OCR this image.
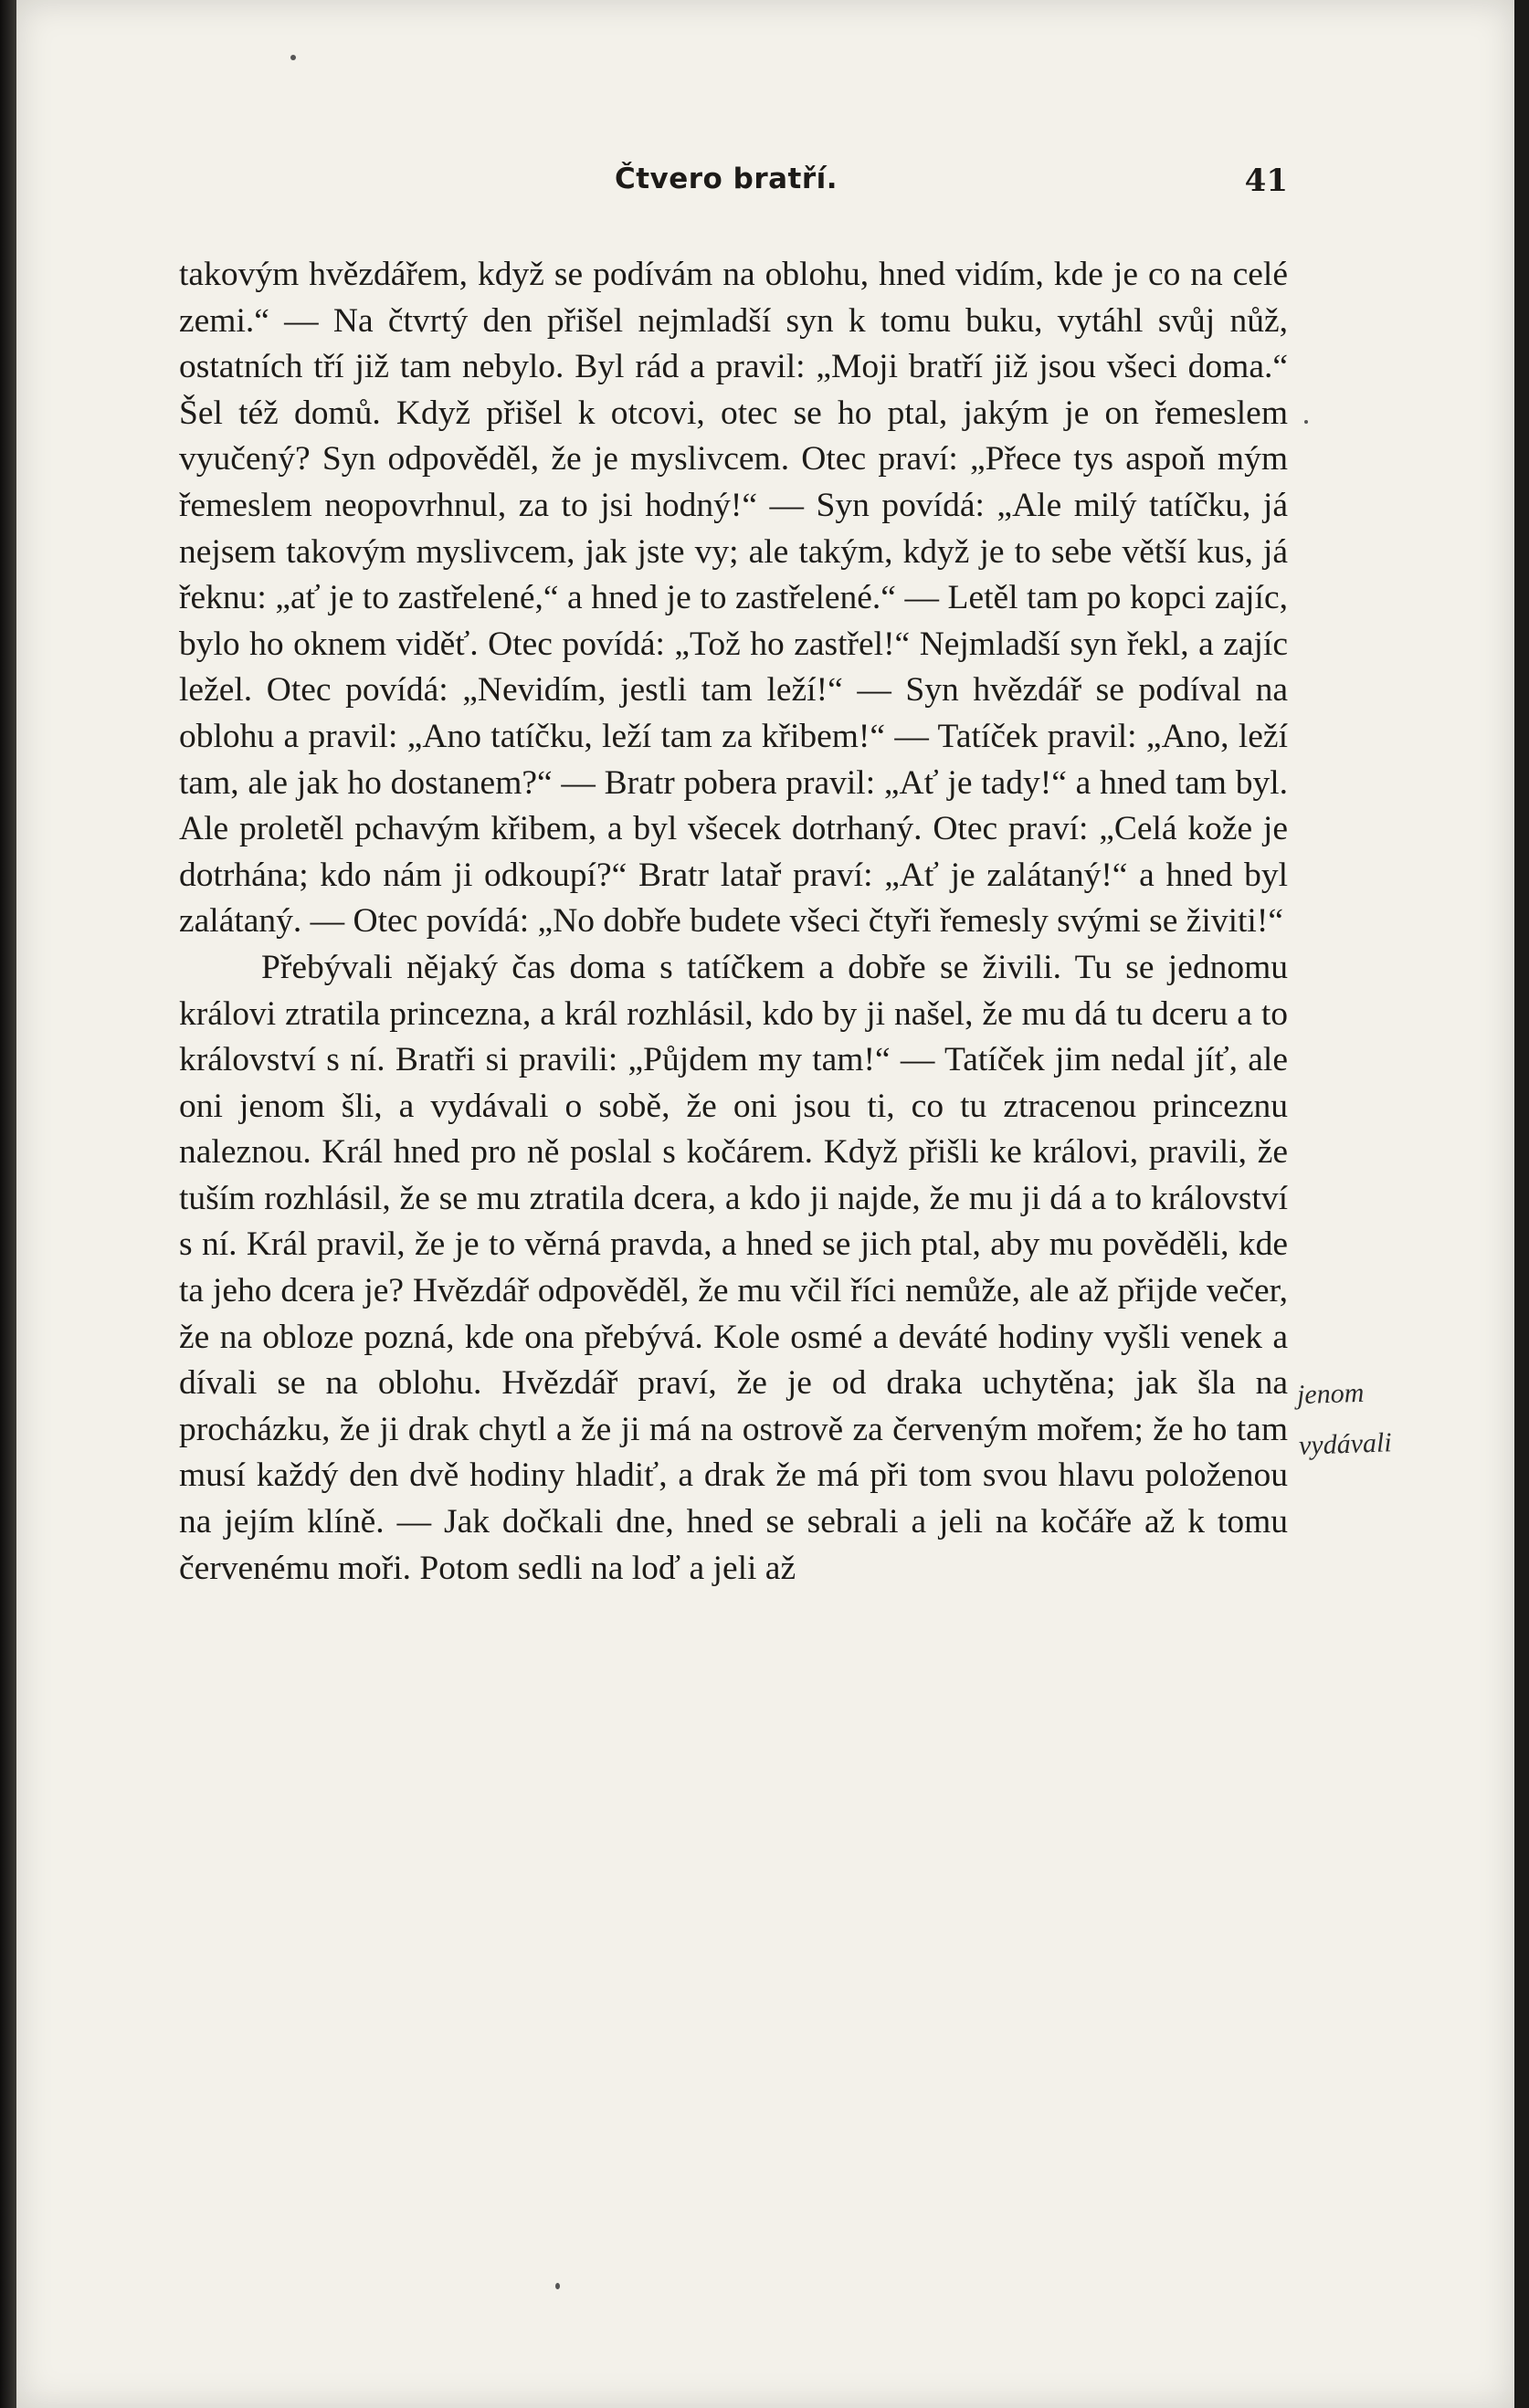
Čtvero bratří.	41

takovým hvězdářem, když se podívám na oblohu, hned vidím, kde je co na celé zemi.“ — Na čtvrtý den přišel nejmladší syn k tomu buku, vytáhl svůj nůž, ostatních tří již tam nebylo. Byl rád a pravil: „Moji bratří již jsou všeci doma.“ Šel též domů. Když přišel k otcovi, otec se ho ptal, jakým je on řemeslem vyučený? Syn odpověděl, že je myslivcem. Otec praví: „Přece tys aspoň mým řemeslem neopovrhnul, za to jsi hodný!“ — Syn povídá: „Ale milý tatíčku, já nejsem takovým myslivcem, jak jste vy; ale takým, když je to sebe větší kus, já řeknu: „ať je to zastřelené,“ a hned je to zastřelené.“ — Letěl tam po kopci zajíc, bylo ho oknem viděť. Otec povídá: „Tož ho zastřel!“ Nejmladší syn řekl, a zajíc ležel. Otec povídá: „Nevidím, jestli tam leží!“ — Syn hvězdář se podíval na oblohu a pravil: „Ano tatíčku, leží tam za křibem!“ — Tatíček pravil: „Ano, leží tam, ale jak ho dostanem?“ — Bratr pobera pravil: „Ať je tady!“ a hned tam byl. Ale proletěl pchavým křibem, a byl všecek dotrhaný. Otec praví: „Celá kože je dotrhána; kdo nám ji odkoupí?“ Bratr latař praví: „Ať je zalátaný!“ a hned byl zalátaný. — Otec povídá: „No dobře budete všeci čtyři řemesly svými se živiti!“

Přebývali nějaký čas doma s tatíčkem a dobře se živili. Tu se jednomu královi ztratila princezna, a král rozhlásil, kdo by ji našel, že mu dá tu dceru a to království s ní. Bratři si pravili: „Půjdem my tam!“ — Tatíček jim nedal jíť, ale oni jenom šli, a vydávali o sobě, že oni jsou ti, co tu ztracenou princeznu naleznou. Král hned pro ně poslal s kočárem. Když přišli ke královi, pravili, že tuším rozhlásil, že se mu ztratila dcera, a kdo ji najde, že mu ji dá a to království s ní. Král pravil, že je to věrná pravda, a hned se jich ptal, aby mu pověděli, kde ta jeho dcera je? Hvězdář odpověděl, že mu včil říci nemůže, ale až přijde večer, že na obloze pozná, kde ona přebývá. Kole osmé a deváté hodiny vyšli venek a dívali se na oblohu. Hvězdář praví, že je od draka uchytěna; jak šla na procházku, že ji drak chytl a že ji má na ostrově za červeným mořem; že ho tam musí každý den dvě hodiny hladiť, a drak že má při tom svou hlavu položenou na jejím klíně. — Jak dočkali dne, hned se sebrali a jeli na kočáře až k tomu červenému moři. Potom sedli na loď a jeli až

jenom
vydávali
